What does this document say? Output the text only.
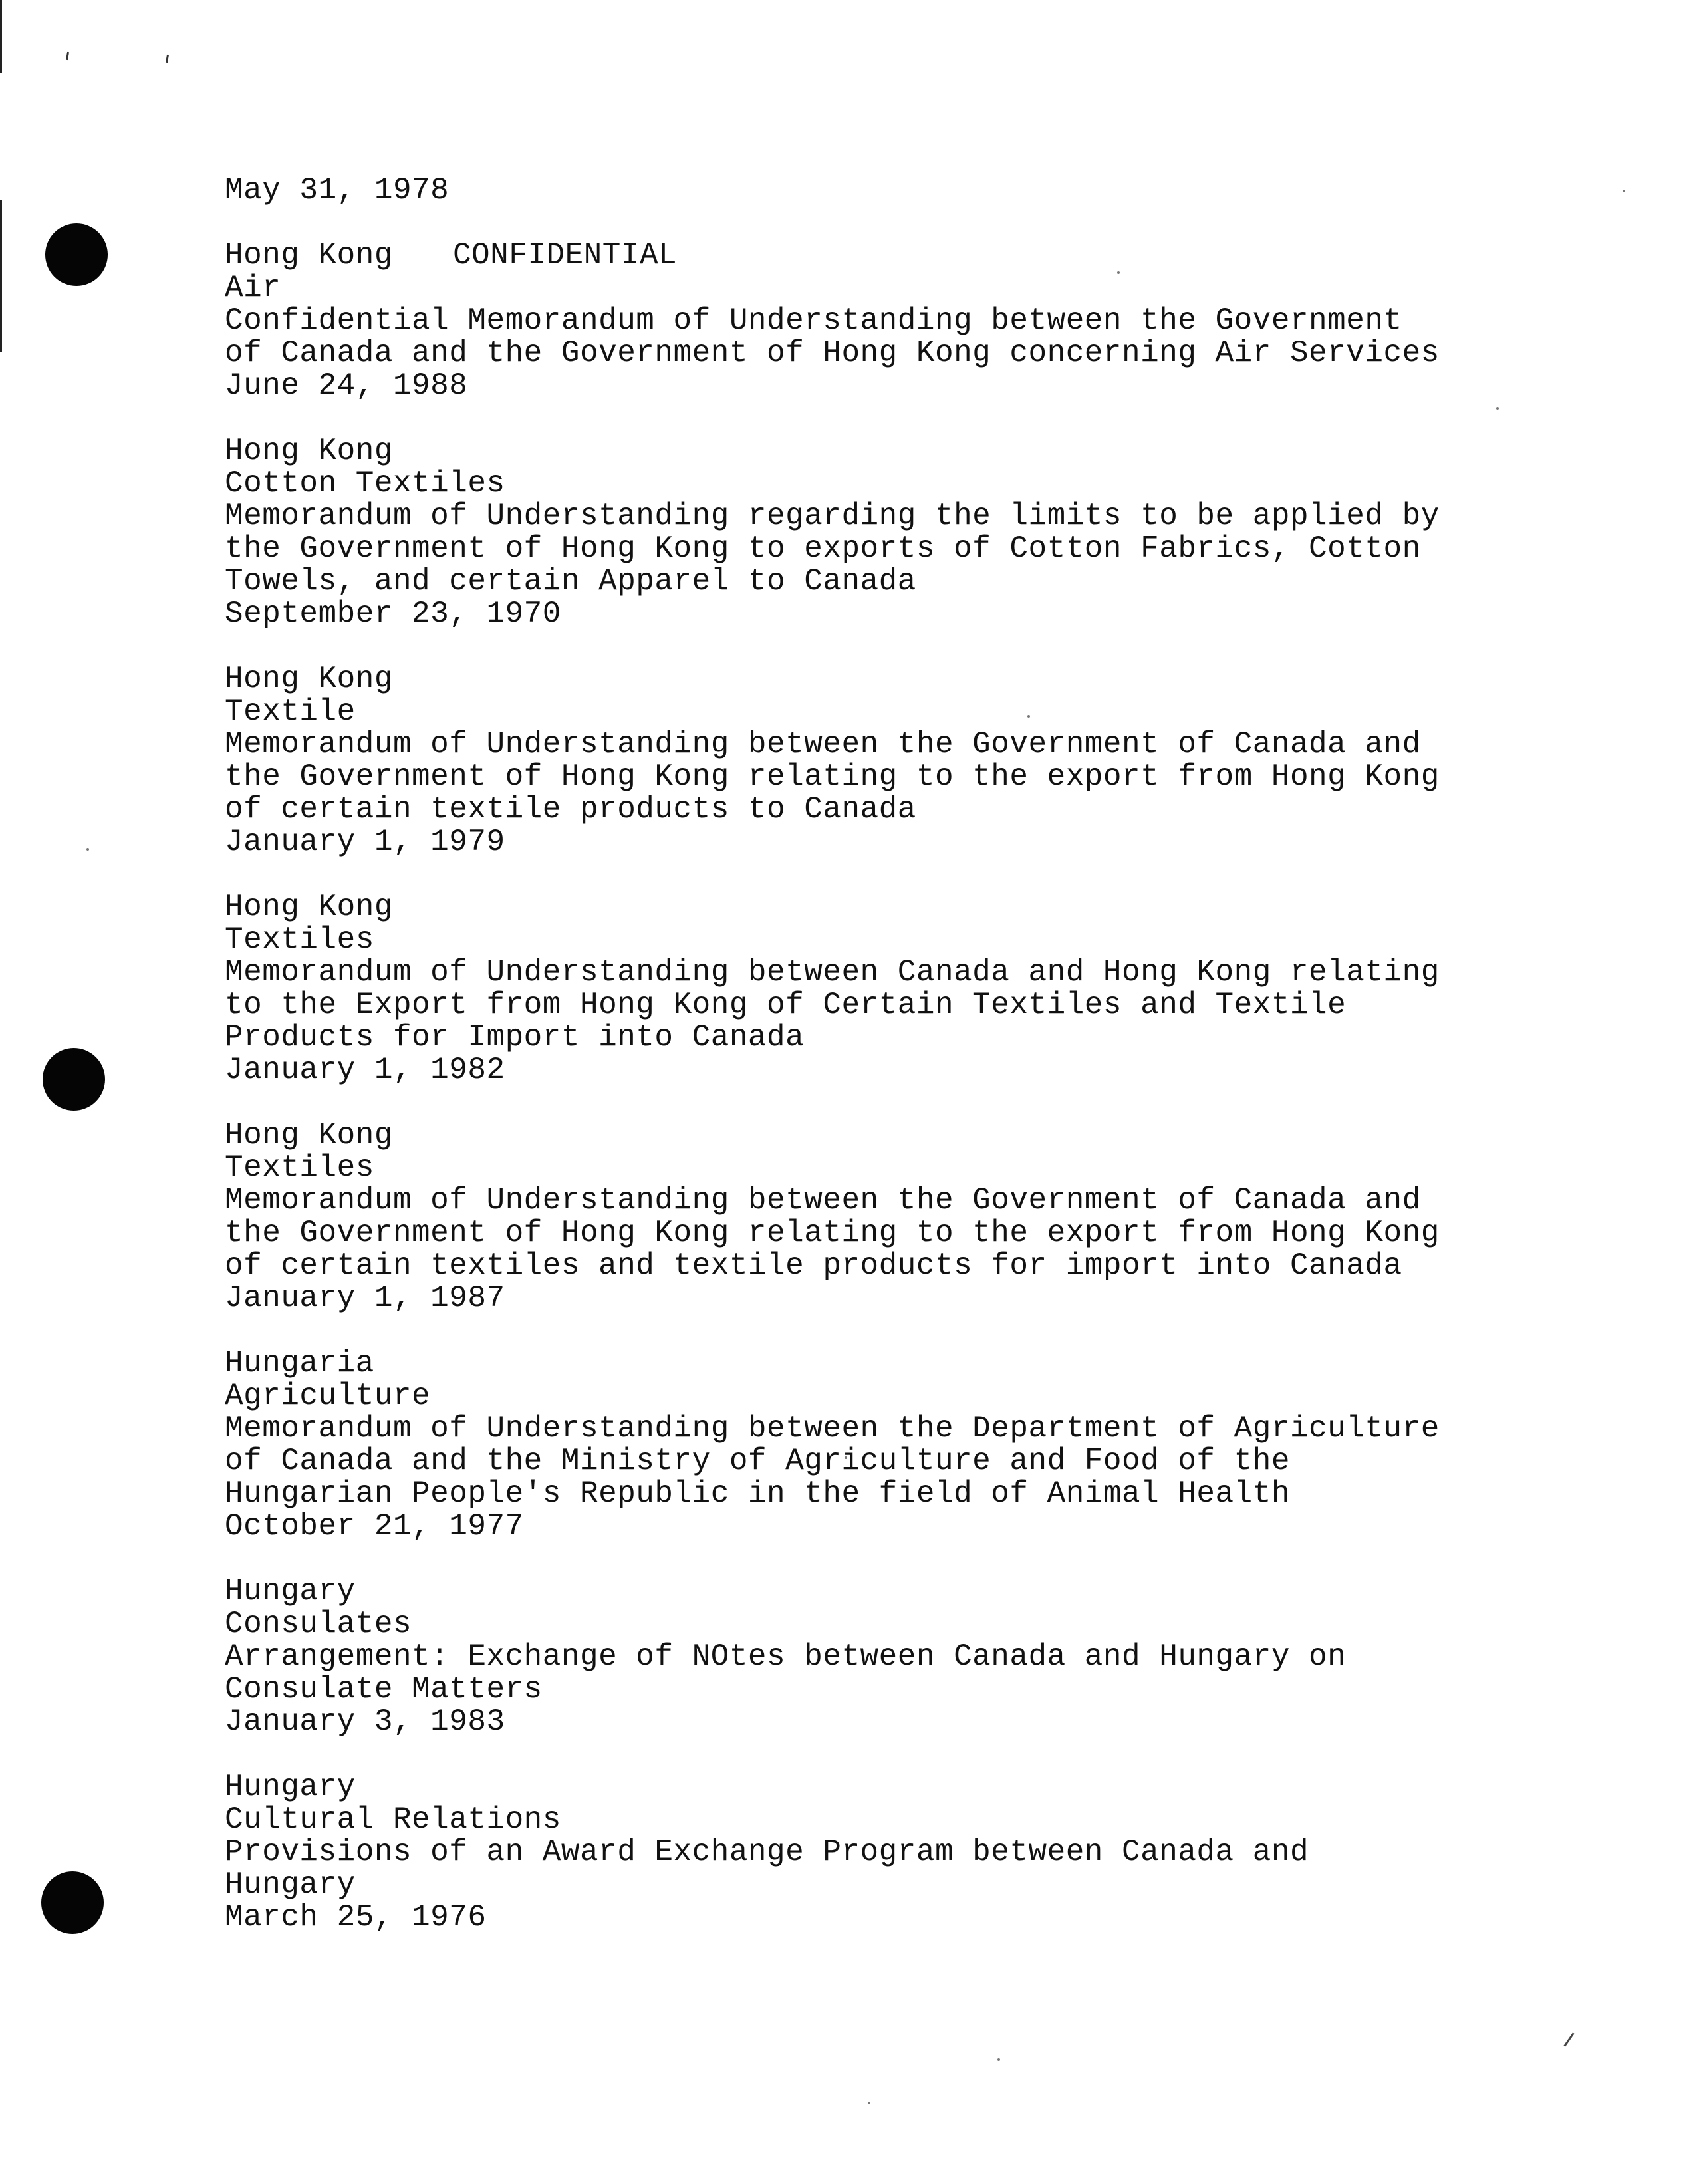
May 31, 1978
Hong Kong CONFIDENTIAL
Air
Confidential Memorandum of Understanding between the Government
of Canada and the Government of Hong Kong concerning Air Services
June 24, 1988
Hong Kong
Cotton Textiles
Memorandum of Understanding regarding the limits to be applied by
the Government of Hong Kong to exports of Cotton Fabrics, Cotton
Towels, and certain Apparel to Canada
September 23, 1970
Hong Kong
Textile
Memorandum of Understanding between the Government of Canada and
the Government of Hong Kong relating to the export from Hong Kong
of certain textile products to Canada
January 1, 1979
Hong Kong
Textiles
Memorandum of Understanding between Canada and Hong Kong relating
to the Export from Hong Kong of Certain Textiles and Textile
Products for Import into Canada
January 1, 1982
Hong Kong
Textiles
Memorandum of Understanding between the Government of Canada and
the Government of Hong Kong relating to the export from Hong Kong
of certain textiles and textile products for import into Canada
January 1, 1987
Hungaria
Agriculture
Memorandum of Understanding between the Department of Agriculture
of Canada and the Ministry of Agriculture and Food of the
Hungarian People's Republic in the field of Animal Health
October 21, 1977
Hungary
Consulates
Arrangement: Exchange of NOtes between Canada and Hungary on
Consulate Matters
January 3, 1983
Hungary
Cultural Relations
Provisions of an Award Exchange Program between Canada and
Hungary
March 25, 1976
